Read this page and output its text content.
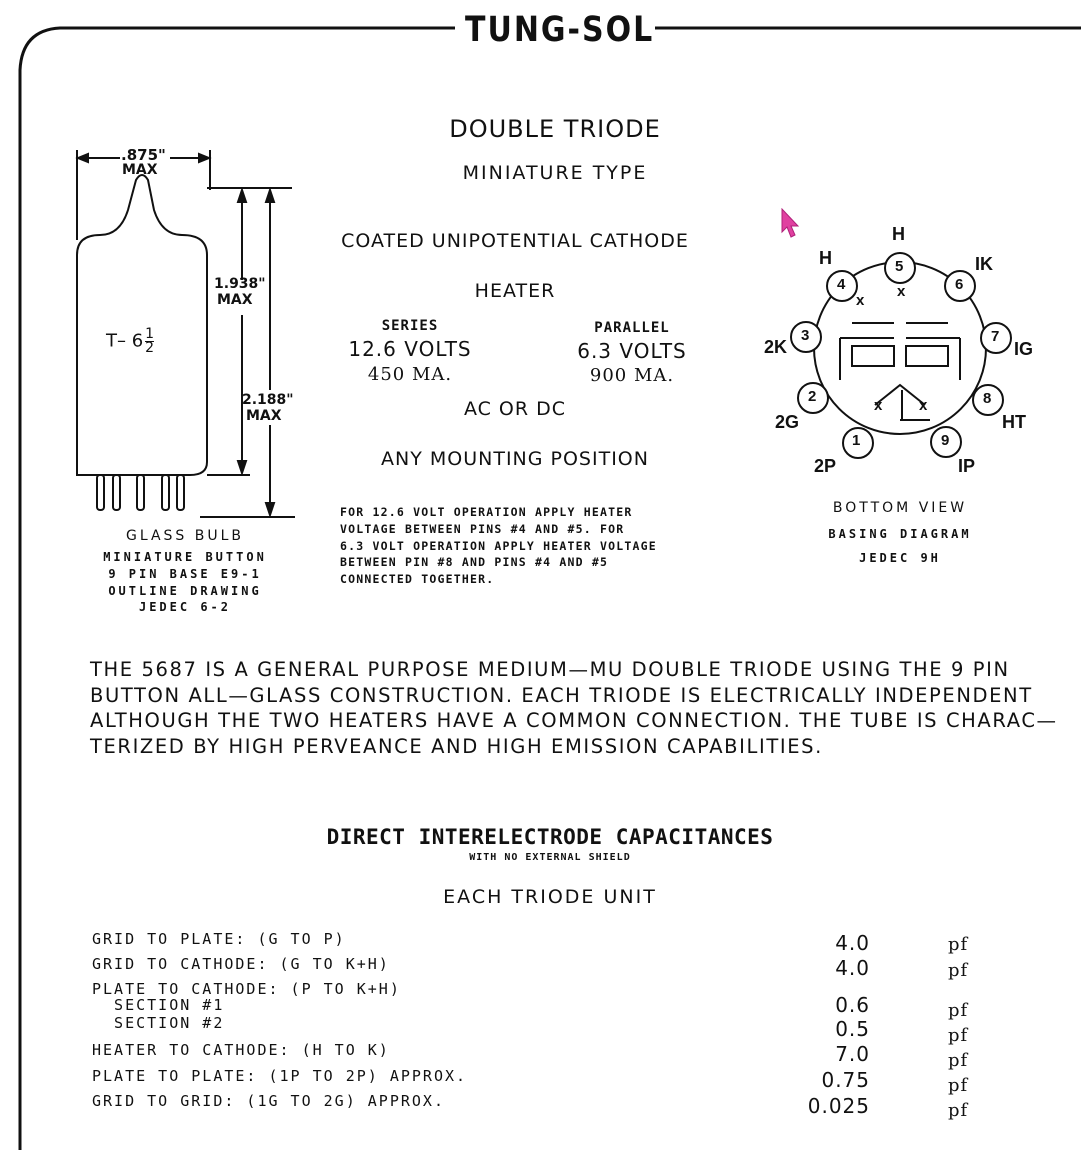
TUNG-SOL
DOUBLE TRIODE
MINIATURE TYPE
COATED UNIPOTENTIAL CATHODE
HEATER
SERIES
12.6 VOLTS
450 MA.
PARALLEL
6.3 VOLTS
900 MA.
AC OR DC
ANY MOUNTING POSITION
FOR 12.6 VOLT OPERATION APPLY HEATER
VOLTAGE BETWEEN PINS #4 AND #5. FOR
6.3 VOLT OPERATION APPLY HEATER VOLTAGE
BETWEEN PIN #8 AND PINS #4 AND #5
CONNECTED TOGETHER.
.875"
MAX
1.938"
MAX
2.188"
MAX
T– $6 \frac{1}{2}$
GLASS BULB
MINIATURE BUTTON
9 PIN BASE E9-1
OUTLINE DRAWING
JEDEC 6-2
1
2
3
4
5
6
7
8
9
2P
2G
2K
H
H
IK
IG
HT
IP
x
x
x x
BOTTOM VIEW
BASING DIAGRAM
JEDEC 9H
THE 5687 IS A GENERAL PURPOSE MEDIUM—MU DOUBLE TRIODE USING THE 9 PIN
BUTTON ALL—GLASS CONSTRUCTION. EACH TRIODE IS ELECTRICALLY INDEPENDENT
ALTHOUGH THE TWO HEATERS HAVE A COMMON CONNECTION. THE TUBE IS CHARAC—
TERIZED BY HIGH PERVEANCE AND HIGH EMISSION CAPABILITIES.
DIRECT INTERELECTRODE CAPACITANCES
WITH NO EXTERNAL SHIELD
EACH TRIODE UNIT
GRID TO PLATE: (G TO P)	4.0	pf
GRID TO CATHODE: (G TO K+H)	4.0	pf
PLATE TO CATHODE: (P TO K+H)
SECTION #1	0.6	pf
SECTION #2	0.5	pf
HEATER TO CATHODE: (H TO K)	7.0	pf
PLATE TO PLATE: (1P TO 2P) APPROX.	0.75	pf
GRID TO GRID: (1G TO 2G) APPROX.	0.025	pf
